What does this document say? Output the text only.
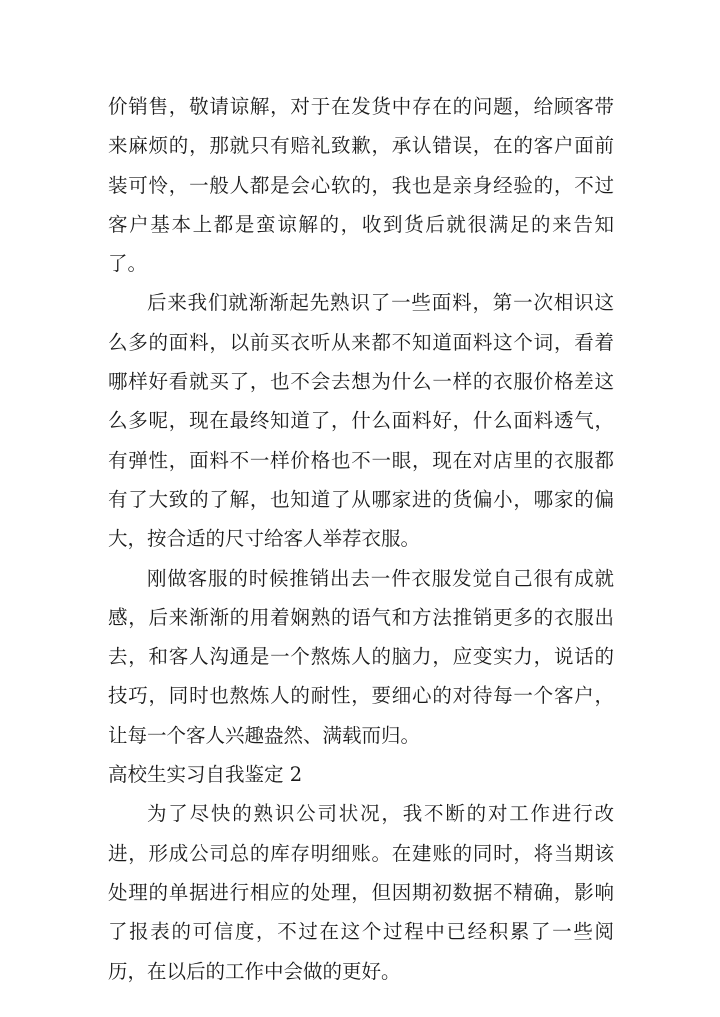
价销售，敬请谅解，对于在发货中存在的问题，给顾客带来麻烦的，那就只有赔礼致歉，承认错误，在的客户面前装可怜，一般人都是会心软的，我也是亲身经验的，不过客户基本上都是蛮谅解的，收到货后就很满足的来告知了。

后来我们就渐渐起先熟识了一些面料，第一次相识这么多的面料，以前买衣听从来都不知道面料这个词，看着哪样好看就买了，也不会去想为什么一样的衣服价格差这么多呢，现在最终知道了，什么面料好，什么面料透气，有弹性，面料不一样价格也不一眼，现在对店里的衣服都有了大致的了解，也知道了从哪家进的货偏小，哪家的偏大，按合适的尺寸给客人举荐衣服。

刚做客服的时候推销出去一件衣服发觉自己很有成就感，后来渐渐的用着娴熟的语气和方法推销更多的衣服出去，和客人沟通是一个熬炼人的脑力，应变实力，说话的技巧，同时也熬炼人的耐性，要细心的对待每一个客户，让每一个客人兴趣盎然、满载而归。

高校生实习自我鉴定 2

为了尽快的熟识公司状况，我不断的对工作进行改进，形成公司总的库存明细账。在建账的同时，将当期该处理的单据进行相应的处理，但因期初数据不精确，影响了报表的可信度，不过在这个过程中已经积累了一些阅历，在以后的工作中会做的更好。
